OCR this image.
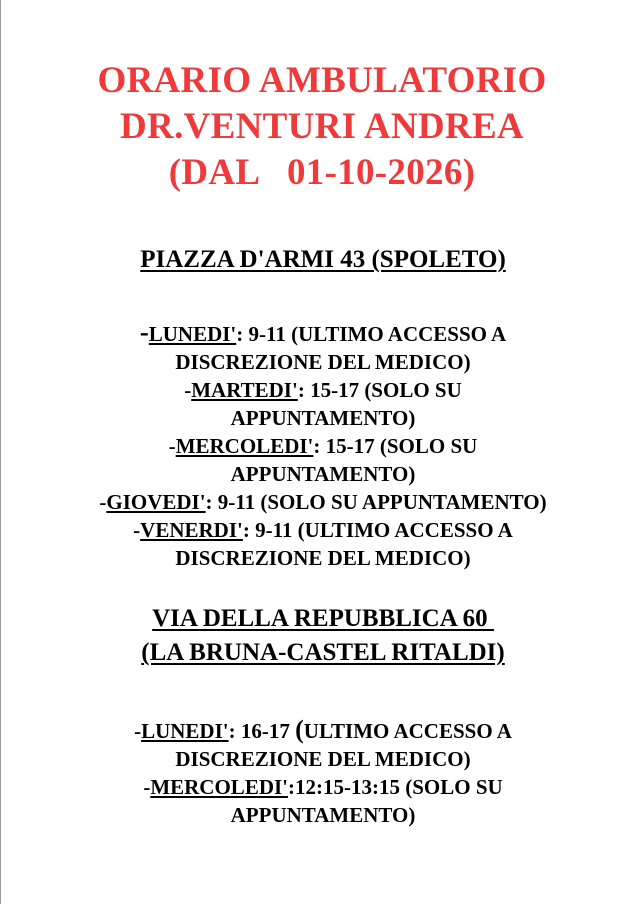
ORARIO AMBULATORIO
DR.VENTURI ANDREA
(DAL   01-10-2026)
PIAZZA D'ARMI 43 (SPOLETO)
-LUNEDI': 9-11 (ULTIMO ACCESSO A
DISCREZIONE DEL MEDICO)
-MARTEDI': 15-17 (SOLO SU
APPUNTAMENTO)
-MERCOLEDI': 15-17 (SOLO SU
APPUNTAMENTO)
-GIOVEDI': 9-11 (SOLO SU APPUNTAMENTO)
-VENERDI': 9-11 (ULTIMO ACCESSO A
DISCREZIONE DEL MEDICO)
VIA DELLA REPUBBLICA 60
(LA BRUNA-CASTEL RITALDI)
-LUNEDI': 16-17 (ULTIMO ACCESSO A
DISCREZIONE DEL MEDICO)
-MERCOLEDI':12:15-13:15 (SOLO SU
APPUNTAMENTO)
